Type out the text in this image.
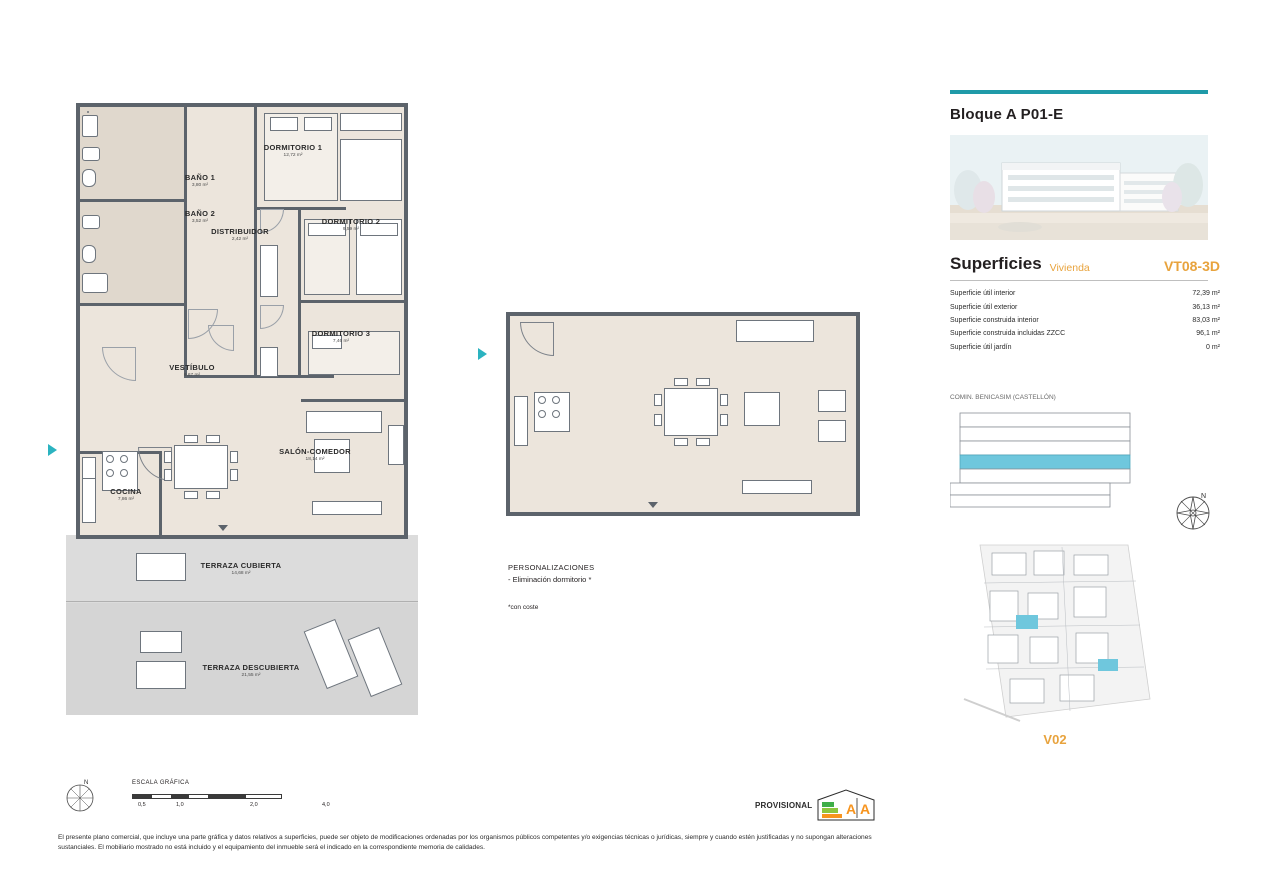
DORMITORIO 1
12,72 m²
BAÑO 1
3,80 m²
BAÑO 2
3,52 m²
DISTRIBUIDOR
2,42 m²
DORMITORIO 2
9,59 m²
DORMITORIO 3
7,46 m²
VESTÍBULO
6,67 m²
SALÓN-COMEDOR
18,14 m²
COCINA
7,86 m²
TERRAZA CUBIERTA
14,68 m²
TERRAZA DESCUBIERTA
21,55 m²
PERSONALIZACIONES
- Eliminación dormitorio *
*con coste
Bloque A P01-E
Superficies Vivienda	VT08-3D
Superficie útil interior	72,39 m²
Superficie útil exterior	36,13 m²
Superficie construida interior	83,03 m²
Superficie construida incluidas ZZCC	96,1 m²
Superficie útil jardín	0 m²
COMIN. BENICASIM (CASTELLÓN)
N
V02
ESCALA GRÁFICA
0,5	1,0	2,0	4,0
N
PROVISIONAL A A
El presente plano comercial, que incluye una parte gráfica y datos relativos a superficies, puede ser objeto de modificaciones ordenadas por los organismos públicos competentes y/o exigencias técnicas o jurídicas, siempre y cuando estén justificadas y no supongan alteraciones sustanciales. El mobiliario mostrado no está incluido y el equipamiento del inmueble será el indicado en la correspondiente memoria de calidades.
